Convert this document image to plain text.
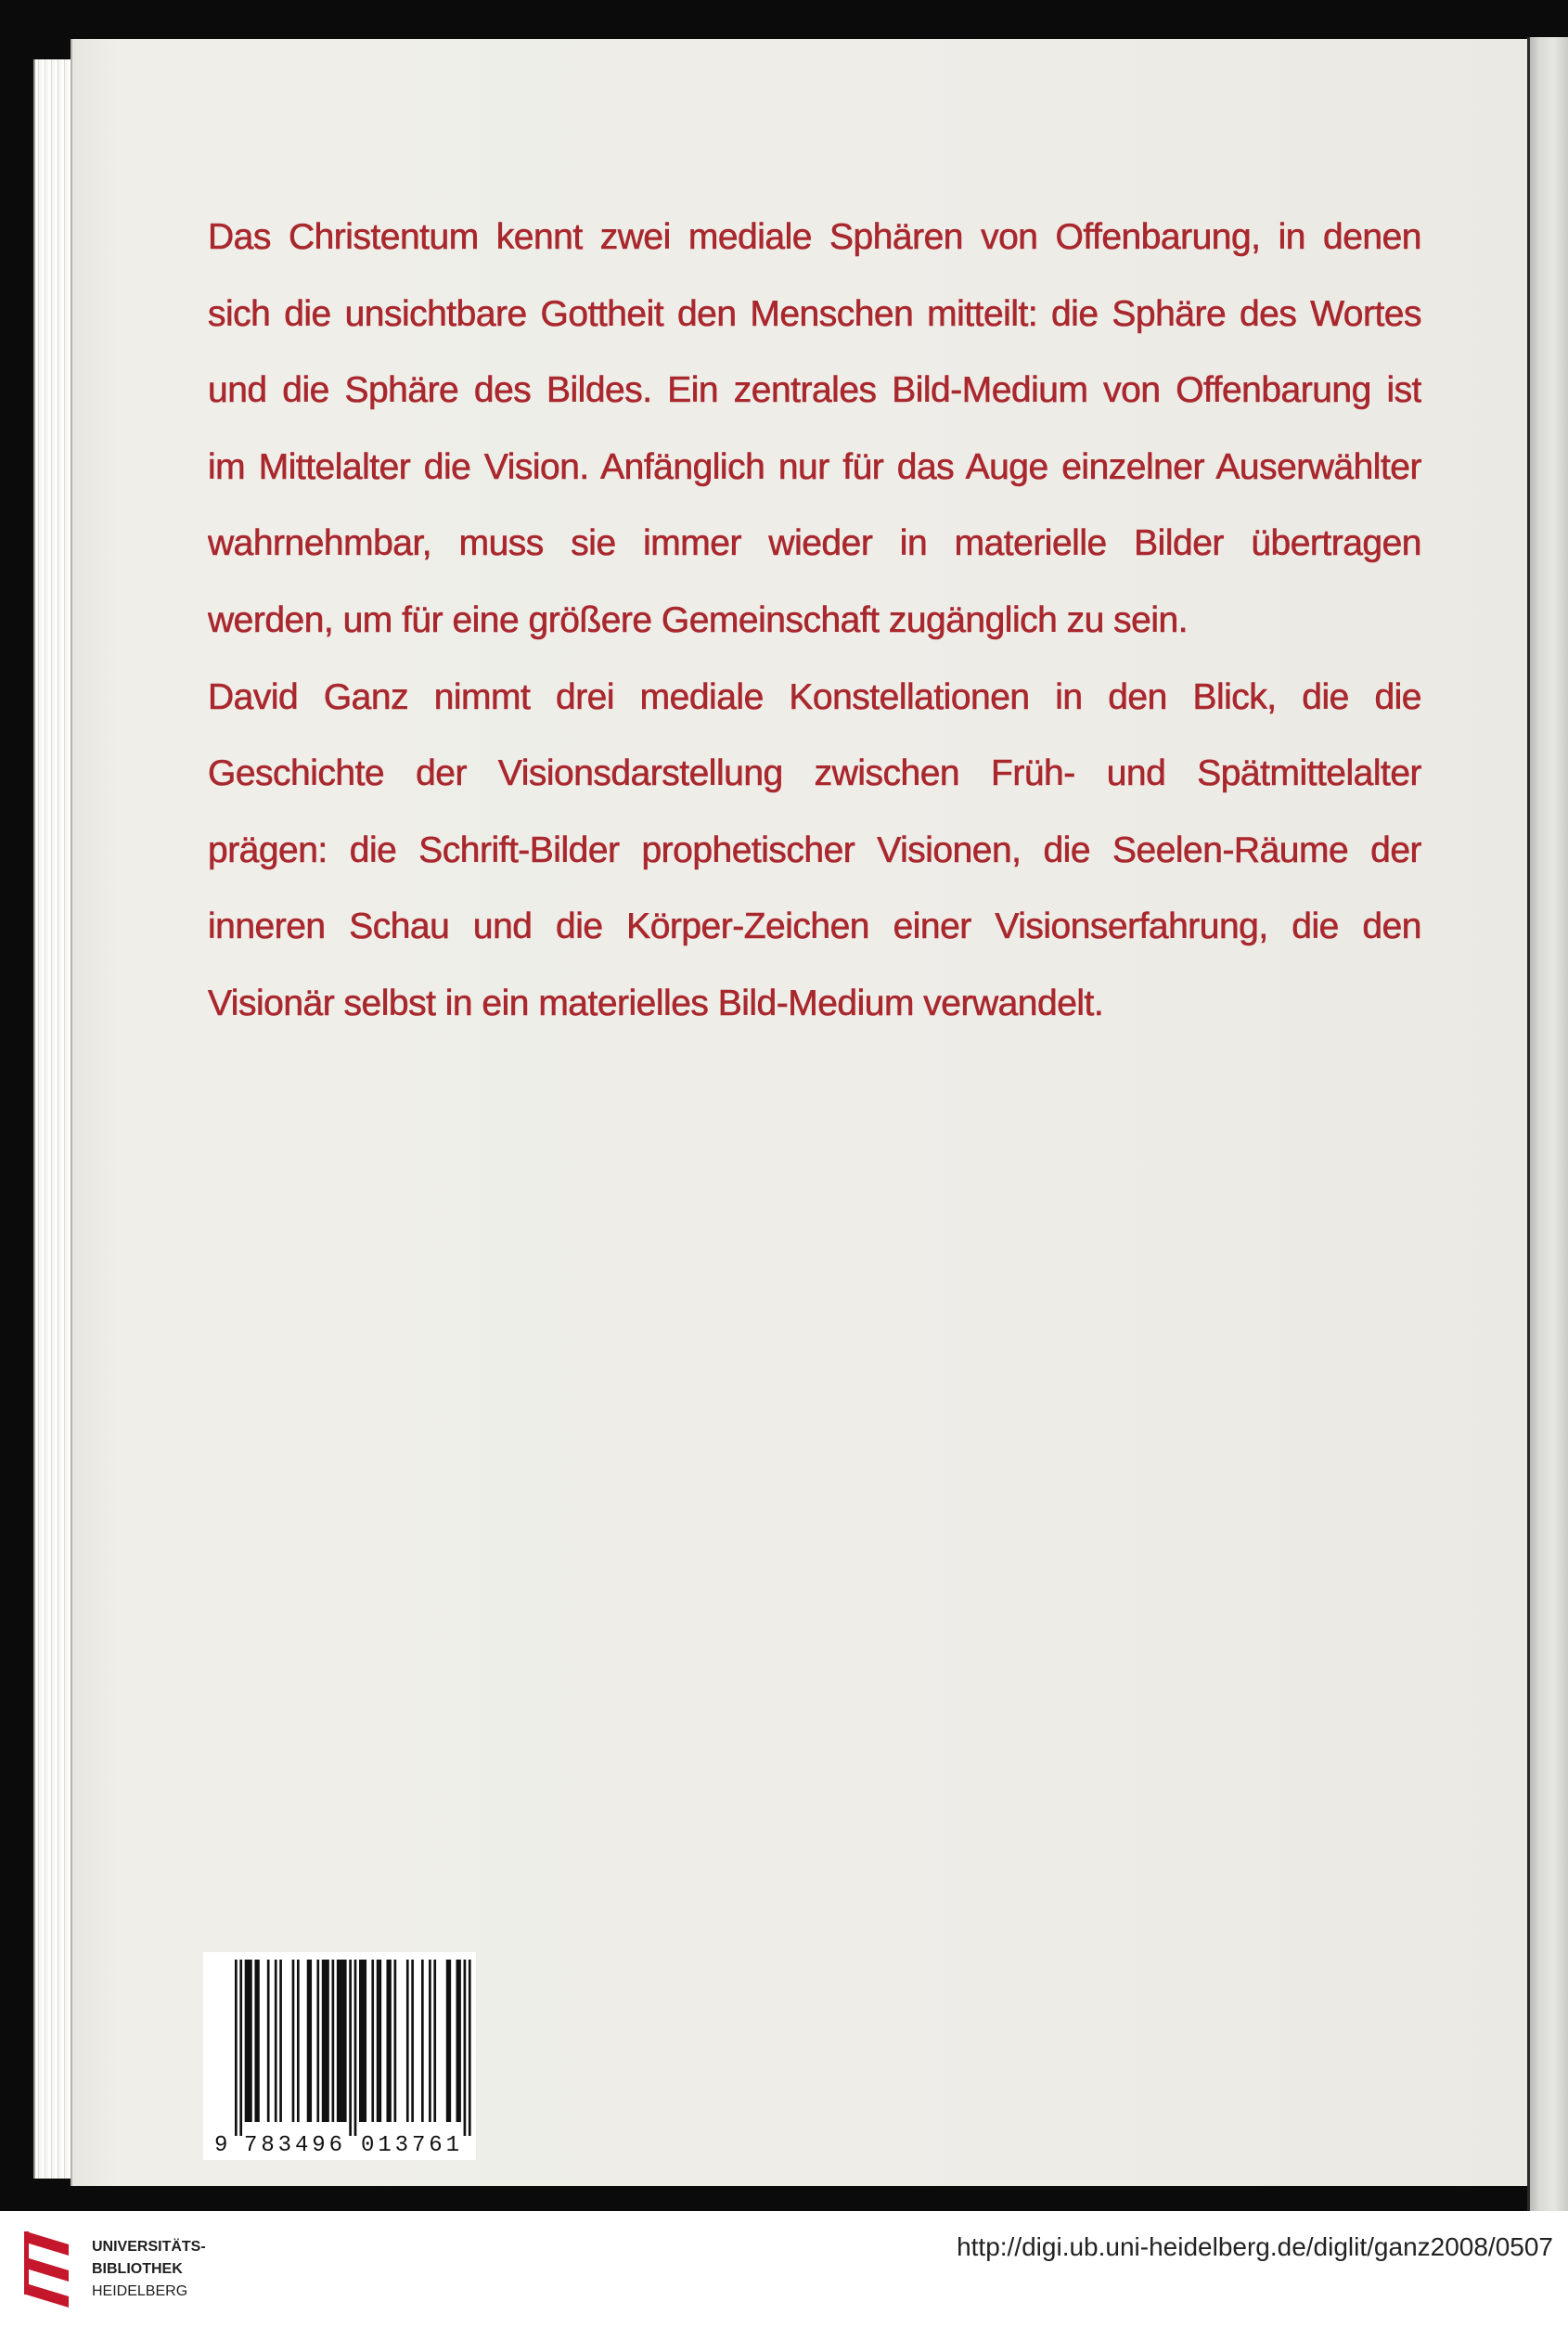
Das Christentum kennt zwei mediale Sphären von Offenbarung, in denen
sich die unsichtbare Gottheit den Menschen mitteilt: die Sphäre des Wortes
und die Sphäre des Bildes. Ein zentrales Bild-Medium von Offenbarung ist
im Mittelalter die Vision. Anfänglich nur für das Auge einzelner Auserwählter
wahrnehmbar, muss sie immer wieder in materielle Bilder übertragen
werden, um für eine größere Gemeinschaft zugänglich zu sein.
David Ganz nimmt drei mediale Konstellationen in den Blick, die die
Geschichte der Visionsdarstellung zwischen Früh- und Spätmittelalter
prägen: die Schrift-Bilder prophetischer Visionen, die Seelen-Räume der
inneren Schau und die Körper-Zeichen einer Visionserfahrung, die den
Visionär selbst in ein materielles Bild-Medium verwandelt.
9 783496 013761
UNIVERSITÄTS-
BIBLIOTHEK
HEIDELBERG
http://digi.ub.uni-heidelberg.de/diglit/ganz2008/0507
